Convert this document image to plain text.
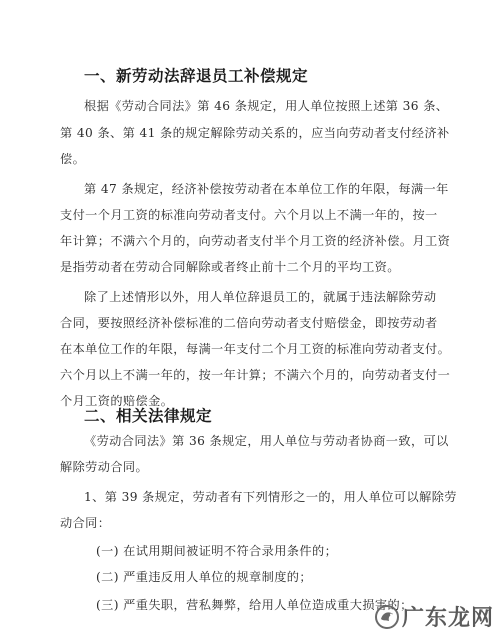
一、新劳动法辞退员工补偿规定
根据《劳动合同法》第 46 条规定，用人单位按照上述第 36 条、
第 40 条、第 41 条的规定解除劳动关系的，应当向劳动者支付经济补
偿。
第 47 条规定，经济补偿按劳动者在本单位工作的年限，每满一年
支付一个月工资的标准向劳动者支付。六个月以上不满一年的，按一
年计算；不满六个月的，向劳动者支付半个月工资的经济补偿。月工资
是指劳动者在劳动合同解除或者终止前十二个月的平均工资。
除了上述情形以外，用人单位辞退员工的，就属于违法解除劳动
合同，要按照经济补偿标准的二倍向劳动者支付赔偿金，即按劳动者
在本单位工作的年限，每满一年支付二个月工资的标准向劳动者支付。
六个月以上不满一年的，按一年计算；不满六个月的，向劳动者支付一
个月工资的赔偿金。
二、相关法律规定
《劳动合同法》第 36 条规定，用人单位与劳动者协商一致，可以
解除劳动合同。
1、第 39 条规定，劳动者有下列情形之一的，用人单位可以解除劳
动合同：
(一) 在试用期间被证明不符合录用条件的；
(二) 严重违反用人单位的规章制度的；
(三) 严重失职，营私舞弊，给用人单位造成重大损害的；
广东龙网
